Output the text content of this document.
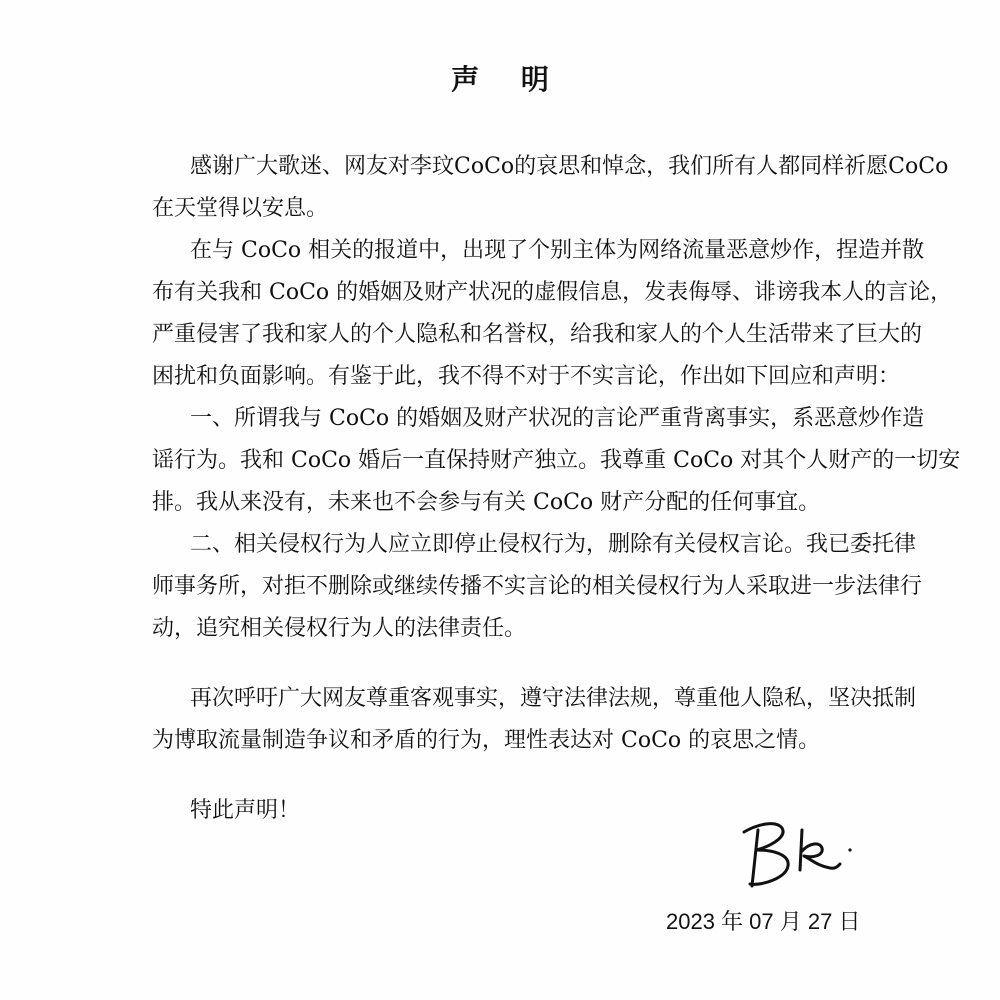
声 明
感谢广大歌迷、网友对李玟CoCo的哀思和悼念，我们所有人都同样祈愿CoCo
在天堂得以安息。
在与 CoCo 相关的报道中，出现了个别主体为网络流量恶意炒作，捏造并散
布有关我和 CoCo 的婚姻及财产状况的虚假信息，发表侮辱、诽谤我本人的言论，
严重侵害了我和家人的个人隐私和名誉权，给我和家人的个人生活带来了巨大的
困扰和负面影响。有鉴于此，我不得不对于不实言论，作出如下回应和声明：
一、所谓我与 CoCo 的婚姻及财产状况的言论严重背离事实，系恶意炒作造
谣行为。我和 CoCo 婚后一直保持财产独立。我尊重 CoCo 对其个人财产的一切安
排。我从来没有，未来也不会参与有关 CoCo 财产分配的任何事宜。
二、相关侵权行为人应立即停止侵权行为，删除有关侵权言论。我已委托律
师事务所，对拒不删除或继续传播不实言论的相关侵权行为人采取进一步法律行
动，追究相关侵权行为人的法律责任。
再次呼吁广大网友尊重客观事实，遵守法律法规，尊重他人隐私，坚决抵制
为博取流量制造争议和矛盾的行为，理性表达对 CoCo 的哀思之情。
特此声明！
2023 年 07 月 27 日
